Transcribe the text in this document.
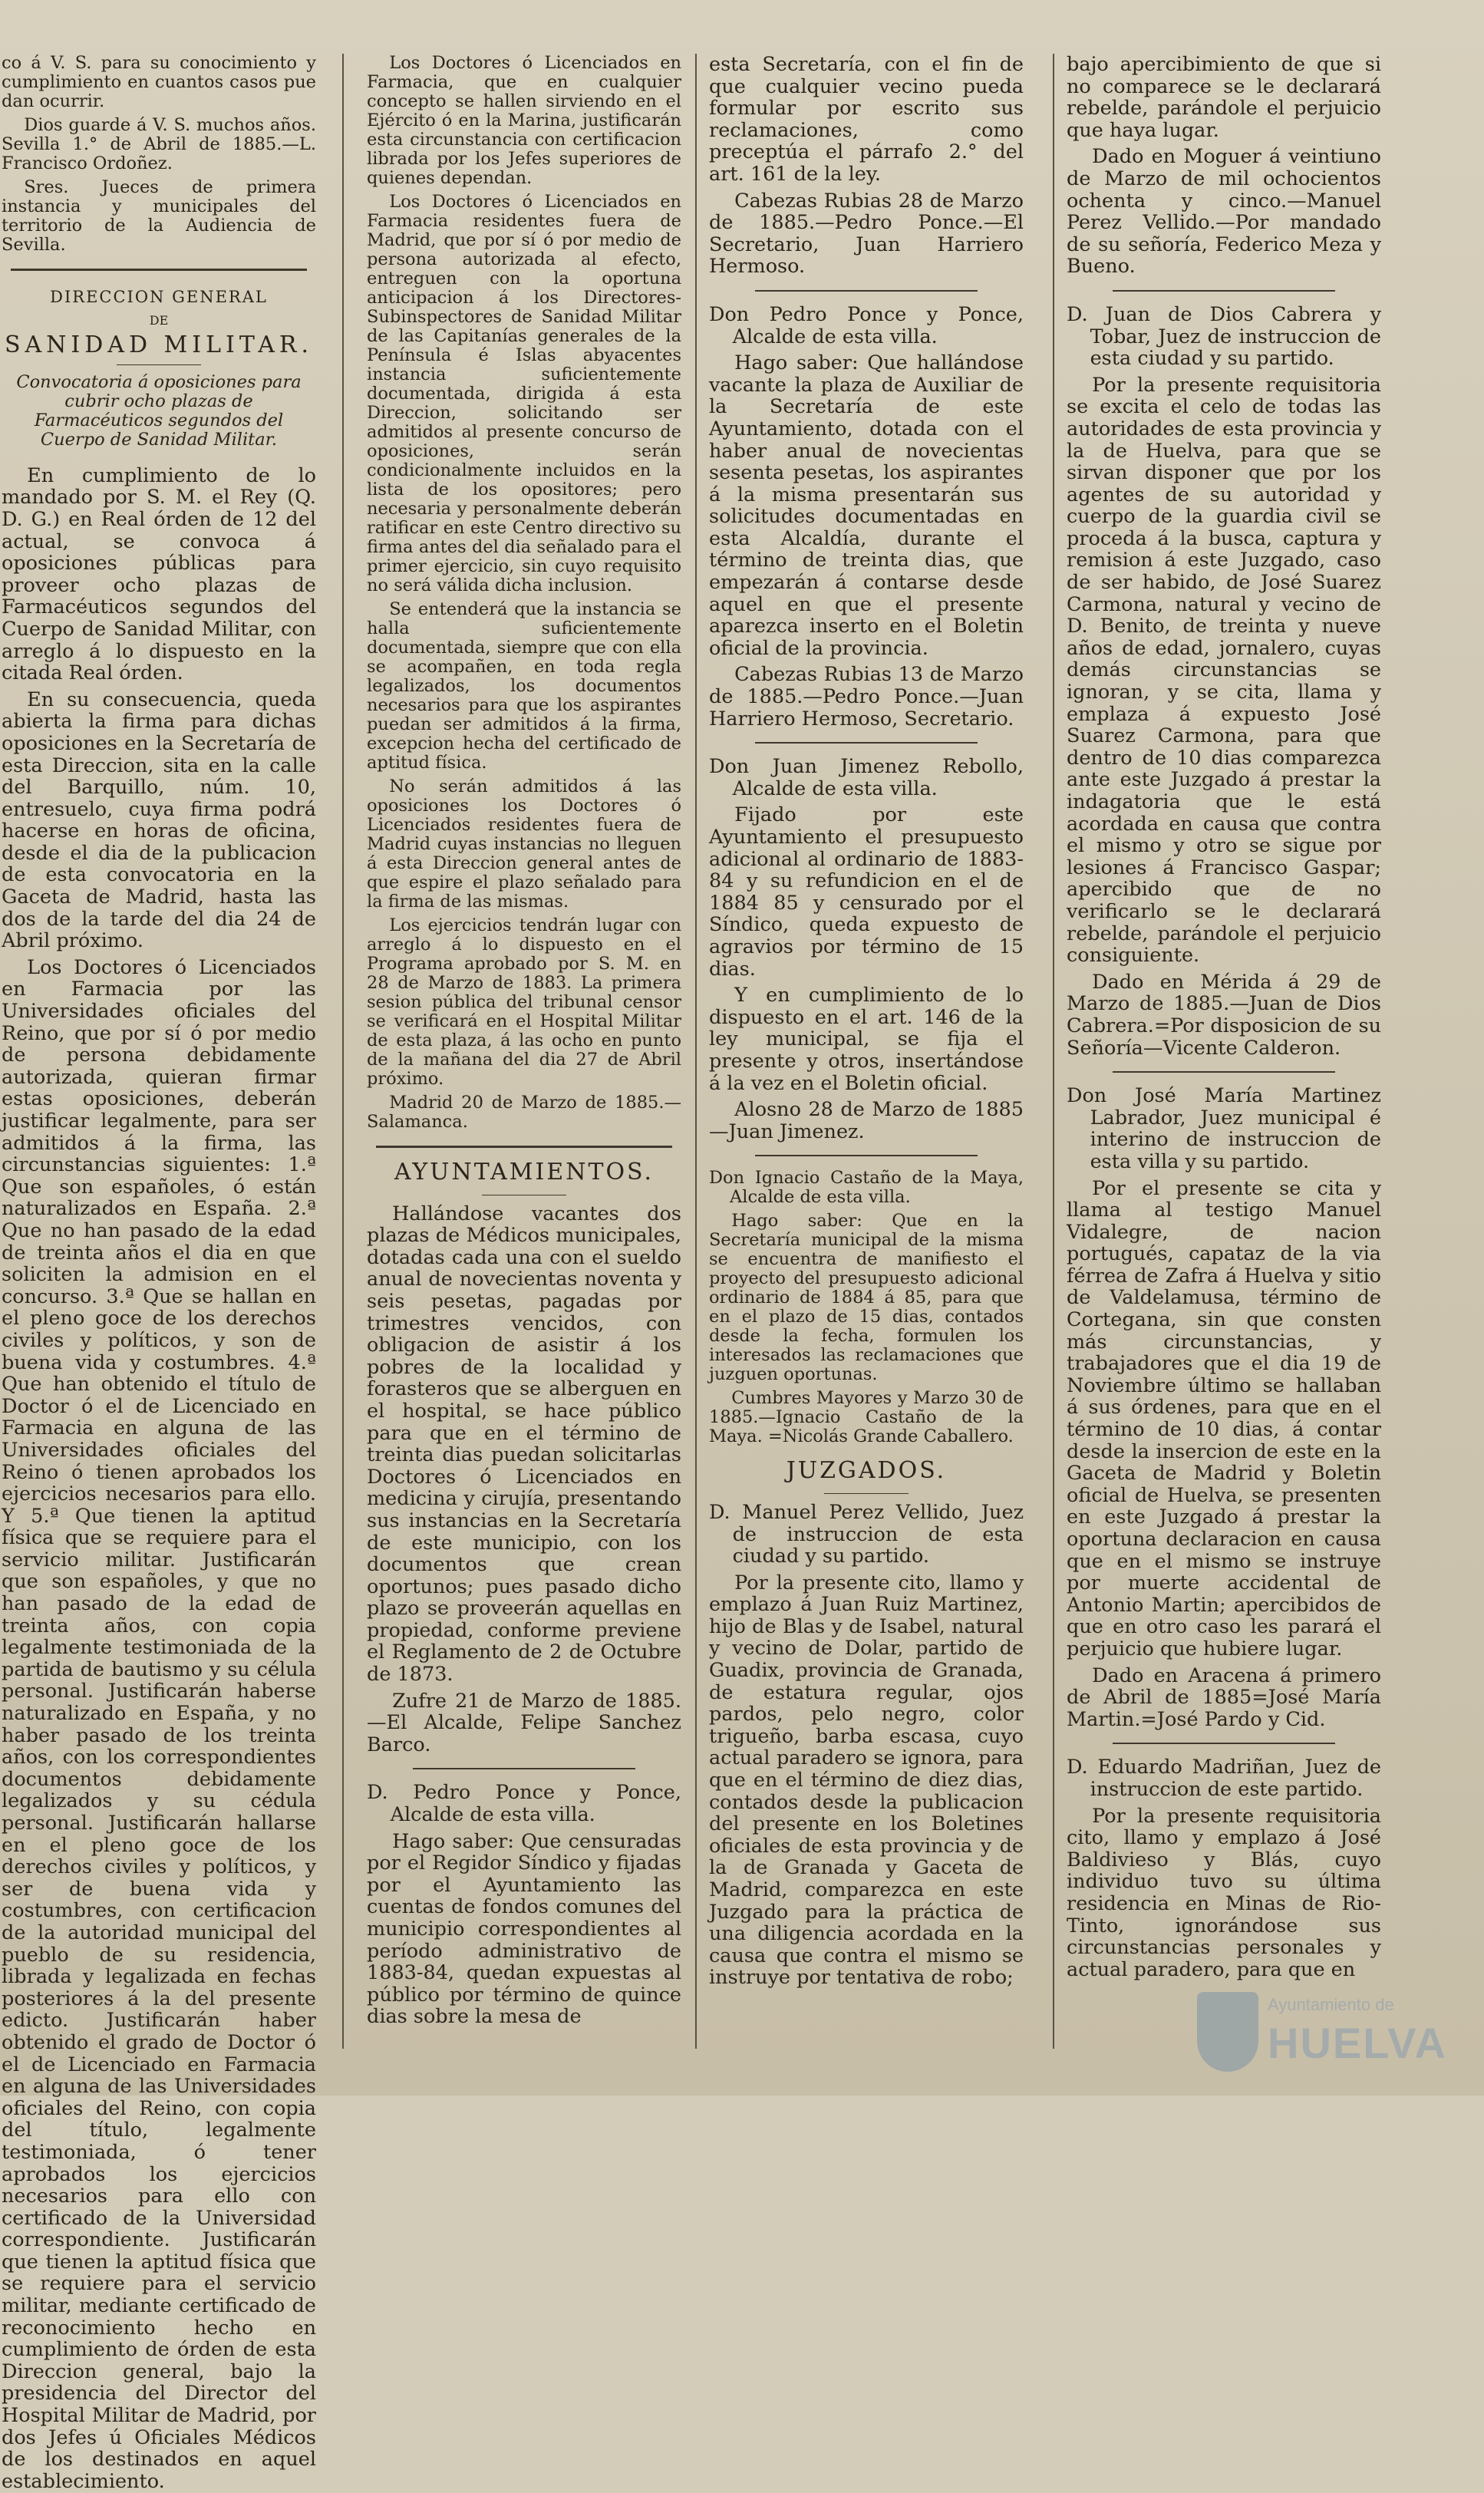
co á V. S. para su conocimiento y cumplimiento en cuantos casos pue dan ocurrir.

Dios guarde á V. S. muchos años. Sevilla 1.° de Abril de 1885.—L. Francisco Ordoñez.

Sres. Jueces de primera instancia y municipales del territorio de la Audiencia de Sevilla.

DIRECCION GENERAL
DE
SANIDAD MILITAR.

Convocatoria á oposiciones para cubrir ocho plazas de Farmacéuticos segundos del Cuerpo de Sanidad Militar.

En cumplimiento de lo mandado por S. M. el Rey (Q. D. G.) en Real órden de 12 del actual, se convoca á oposiciones públicas para proveer ocho plazas de Farmacéuticos segundos del Cuerpo de Sanidad Militar, con arreglo á lo dispuesto en la citada Real órden.

En su consecuencia, queda abierta la firma para dichas oposiciones en la Secretaría de esta Direccion, sita en la calle del Barquillo, núm. 10, entresuelo, cuya firma podrá hacerse en horas de oficina, desde el dia de la publicacion de esta convocatoria en la Gaceta de Madrid, hasta las dos de la tarde del dia 24 de Abril próximo.

Los Doctores ó Licenciados en Farmacia por las Universidades oficiales del Reino, que por sí ó por medio de persona debidamente autorizada, quieran firmar estas oposiciones, deberán justificar legalmente, para ser admitidos á la firma, las circunstancias siguientes: 1.ª Que son españoles, ó están naturalizados en España. 2.ª Que no han pasado de la edad de treinta años el dia en que soliciten la admision en el concurso. 3.ª Que se hallan en el pleno goce de los derechos civiles y políticos, y son de buena vida y costumbres. 4.ª Que han obtenido el título de Doctor ó el de Licenciado en Farmacia en alguna de las Universidades oficiales del Reino ó tienen aprobados los ejercicios necesarios para ello. Y 5.ª Que tienen la aptitud física que se requiere para el servicio militar. Justificarán que son españoles, y que no han pasado de la edad de treinta años, con copia legalmente testimoniada de la partida de bautismo y su célula personal. Justificarán haberse naturalizado en España, y no haber pasado de los treinta años, con los correspondientes documentos debidamente legalizados y su cédula personal. Justificarán hallarse en el pleno goce de los derechos civiles y políticos, y ser de buena vida y costumbres, con certificacion de la autoridad municipal del pueblo de su residencia, librada y legalizada en fechas posteriores á la del presente edicto. Justificarán haber obtenido el grado de Doctor ó el de Licenciado en Farmacia en alguna de las Universidades oficiales del Reino, con copia del título, legalmente testimoniada, ó tener aprobados los ejercicios necesarios para ello con certificado de la Universidad correspondiente. Justificarán que tienen la aptitud física que se requiere para el servicio militar, mediante certificado de reconocimiento hecho en cumplimiento de órden de esta Direccion general, bajo la presidencia del Director del Hospital Militar de Madrid, por dos Jefes ú Oficiales Médicos de los destinados en aquel establecimiento.

Los Doctores ó Licenciados en Farmacia, que en cualquier concepto se hallen sirviendo en el Ejército ó en la Marina, justificarán esta circunstancia con certificacion librada por los Jefes superiores de quienes dependan.

Los Doctores ó Licenciados en Farmacia residentes fuera de Madrid, que por sí ó por medio de persona autorizada al efecto, entreguen con la oportuna anticipacion á los Directores-Subinspectores de Sanidad Militar de las Capitanías generales de la Península é Islas abyacentes instancia suficientemente documentada, dirigida á esta Direccion, solicitando ser admitidos al presente concurso de oposiciones, serán condicionalmente incluidos en la lista de los opositores; pero necesaria y personalmente deberán ratificar en este Centro directivo su firma antes del dia señalado para el primer ejercicio, sin cuyo requisito no será válida dicha inclusion.

Se entenderá que la instancia se halla suficientemente documentada, siempre que con ella se acompañen, en toda regla legalizados, los documentos necesarios para que los aspirantes puedan ser admitidos á la firma, excepcion hecha del certificado de aptitud física.

No serán admitidos á las oposiciones los Doctores ó Licenciados residentes fuera de Madrid cuyas instancias no lleguen á esta Direccion general antes de que espire el plazo señalado para la firma de las mismas.

Los ejercicios tendrán lugar con arreglo á lo dispuesto en el Programa aprobado por S. M. en 28 de Marzo de 1883. La primera sesion pública del tribunal censor se verificará en el Hospital Militar de esta plaza, á las ocho en punto de la mañana del dia 27 de Abril próximo.

Madrid 20 de Marzo de 1885.—Salamanca.

AYUNTAMIENTOS.

Hallándose vacantes dos plazas de Médicos municipales, dotadas cada una con el sueldo anual de novecientas noventa y seis pesetas, pagadas por trimestres vencidos, con obligacion de asistir á los pobres de la localidad y forasteros que se alberguen en el hospital, se hace público para que en el término de treinta dias puedan solicitarlas Doctores ó Licenciados en medicina y cirujía, presentando sus instancias en la Secretaría de este municipio, con los documentos que crean oportunos; pues pasado dicho plazo se proveerán aquellas en propiedad, conforme previene el Reglamento de 2 de Octubre de 1873.

Zufre 21 de Marzo de 1885.—El Alcalde, Felipe Sanchez Barco.

D. Pedro Ponce y Ponce, Alcalde de esta villa.

Hago saber: Que censuradas por el Regidor Síndico y fijadas por el Ayuntamiento las cuentas de fondos comunes del municipio correspondientes al período administrativo de 1883-84, quedan expuestas al público por término de quince dias sobre la mesa de

esta Secretaría, con el fin de que cualquier vecino pueda formular por escrito sus reclamaciones, como preceptúa el párrafo 2.° del art. 161 de la ley.

Cabezas Rubias 28 de Marzo de 1885.—Pedro Ponce.—El Secretario, Juan Harriero Hermoso.

Don Pedro Ponce y Ponce, Alcalde de esta villa.

Hago saber: Que hallándose vacante la plaza de Auxiliar de la Secretaría de este Ayuntamiento, dotada con el haber anual de novecientas sesenta pesetas, los aspirantes á la misma presentarán sus solicitudes documentadas en esta Alcaldía, durante el término de treinta dias, que empezarán á contarse desde aquel en que el presente aparezca inserto en el Boletin oficial de la provincia.

Cabezas Rubias 13 de Marzo de 1885.—Pedro Ponce.—Juan Harriero Hermoso, Secretario.

Don Juan Jimenez Rebollo, Alcalde de esta villa.

Fijado por este Ayuntamiento el presupuesto adicional al ordinario de 1883-84 y su refundicion en el de 1884 85 y censurado por el Síndico, queda expuesto de agravios por término de 15 dias.

Y en cumplimiento de lo dispuesto en el art. 146 de la ley municipal, se fija el presente y otros, insertándose á la vez en el Boletin oficial.

Alosno 28 de Marzo de 1885 —Juan Jimenez.

Don Ignacio Castaño de la Maya, Alcalde de esta villa.

Hago saber: Que en la Secretaría municipal de la misma se encuentra de manifiesto el proyecto del presupuesto adicional ordinario de 1884 á 85, para que en el plazo de 15 dias, contados desde la fecha, formulen los interesados las reclamaciones que juzguen oportunas.

Cumbres Mayores y Marzo 30 de 1885.—Ignacio Castaño de la Maya. =Nicolás Grande Caballero.

JUZGADOS.

D. Manuel Perez Vellido, Juez de instruccion de esta ciudad y su partido.

Por la presente cito, llamo y emplazo á Juan Ruiz Martinez, hijo de Blas y de Isabel, natural y vecino de Dolar, partido de Guadix, provincia de Granada, de estatura regular, ojos pardos, pelo negro, color trigueño, barba escasa, cuyo actual paradero se ignora, para que en el término de diez dias, contados desde la publicacion del presente en los Boletines oficiales de esta provincia y de la de Granada y Gaceta de Madrid, comparezca en este Juzgado para la práctica de una diligencia acordada en la causa que contra el mismo se instruye por tentativa de robo;

bajo apercibimiento de que si no comparece se le declarará rebelde, parándole el perjuicio que haya lugar.

Dado en Moguer á veintiuno de Marzo de mil ochocientos ochenta y cinco.—Manuel Perez Vellido.—Por mandado de su señoría, Federico Meza y Bueno.

D. Juan de Dios Cabrera y Tobar, Juez de instruccion de esta ciudad y su partido.

Por la presente requisitoria se excita el celo de todas las autoridades de esta provincia y la de Huelva, para que se sirvan disponer que por los agentes de su autoridad y cuerpo de la guardia civil se proceda á la busca, captura y remision á este Juzgado, caso de ser habido, de José Suarez Carmona, natural y vecino de D. Benito, de treinta y nueve años de edad, jornalero, cuyas demás circunstancias se ignoran, y se cita, llama y emplaza á expuesto José Suarez Carmona, para que dentro de 10 dias comparezca ante este Juzgado á prestar la indagatoria que le está acordada en causa que contra el mismo y otro se sigue por lesiones á Francisco Gaspar; apercibido que de no verificarlo se le declarará rebelde, parándole el perjuicio consiguiente.

Dado en Mérida á 29 de Marzo de 1885.—Juan de Dios Cabrera.=Por disposicion de su Señoría—Vicente Calderon.

Don José María Martinez Labrador, Juez municipal é interino de instruccion de esta villa y su partido.

Por el presente se cita y llama al testigo Manuel Vidalegre, de nacion portugués, capataz de la via férrea de Zafra á Huelva y sitio de Valdelamusa, término de Cortegana, sin que consten más circunstancias, y trabajadores que el dia 19 de Noviembre último se hallaban á sus órdenes, para que en el término de 10 dias, á contar desde la insercion de este en la Gaceta de Madrid y Boletin oficial de Huelva, se presenten en este Juzgado á prestar la oportuna declaracion en causa que en el mismo se instruye por muerte accidental de Antonio Martin; apercibidos de que en otro caso les parará el perjuicio que hubiere lugar.

Dado en Aracena á primero de Abril de 1885=José María Martin.=José Pardo y Cid.

D. Eduardo Madriñan, Juez de instruccion de este partido.

Por la presente requisitoria cito, llamo y emplazo á José Baldivieso y Blás, cuyo individuo tuvo su última residencia en Minas de Rio-Tinto, ignorándose sus circunstancias personales y actual paradero, para que en

Ayuntamiento de
HUELVA
